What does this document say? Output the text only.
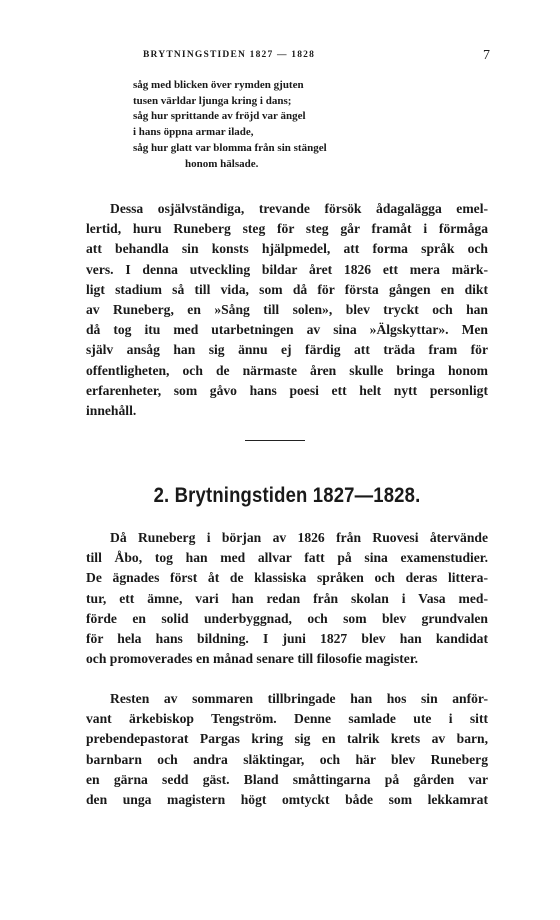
BRYTNINGSTIDEN 1827 — 1828	7
såg med blicken över rymden gjuten
tusen världar ljunga kring i dans;
såg hur sprittande av fröjd var ängel
i hans öppna armar ilade,
såg hur glatt var blomma från sin stängel
honom hälsade.
Dessa osjälvständiga, trevande försök ådagalägga emel-
lertid, huru Runeberg steg för steg går framåt i förmåga
att behandla sin konsts hjälpmedel, att forma språk och
vers. I denna utveckling bildar året 1826 ett mera märk-
ligt stadium så till vida, som då för första gången en dikt
av Runeberg, en »Sång till solen», blev tryckt och han
då tog itu med utarbetningen av sina »Älgskyttar». Men
själv ansåg han sig ännu ej färdig att träda fram för
offentligheten, och de närmaste åren skulle bringa honom
erfarenheter, som gåvo hans poesi ett helt nytt personligt
innehåll.
2. Brytningstiden 1827—1828.
Då Runeberg i början av 1826 från Ruovesi återvände
till Åbo, tog han med allvar fatt på sina examenstudier.
De ägnades först åt de klassiska språken och deras littera-
tur, ett ämne, vari han redan från skolan i Vasa med-
förde en solid underbyggnad, och som blev grundvalen
för hela hans bildning. I juni 1827 blev han kandidat
och promoverades en månad senare till filosofie magister.
Resten av sommaren tillbringade han hos sin anför-
vant ärkebiskop Tengström. Denne samlade ute i sitt
prebendepastorat Pargas kring sig en talrik krets av barn,
barnbarn och andra släktingar, och här blev Runeberg
en gärna sedd gäst. Bland småttingarna på gården var
den unga magistern högt omtyckt både som lekkamrat
